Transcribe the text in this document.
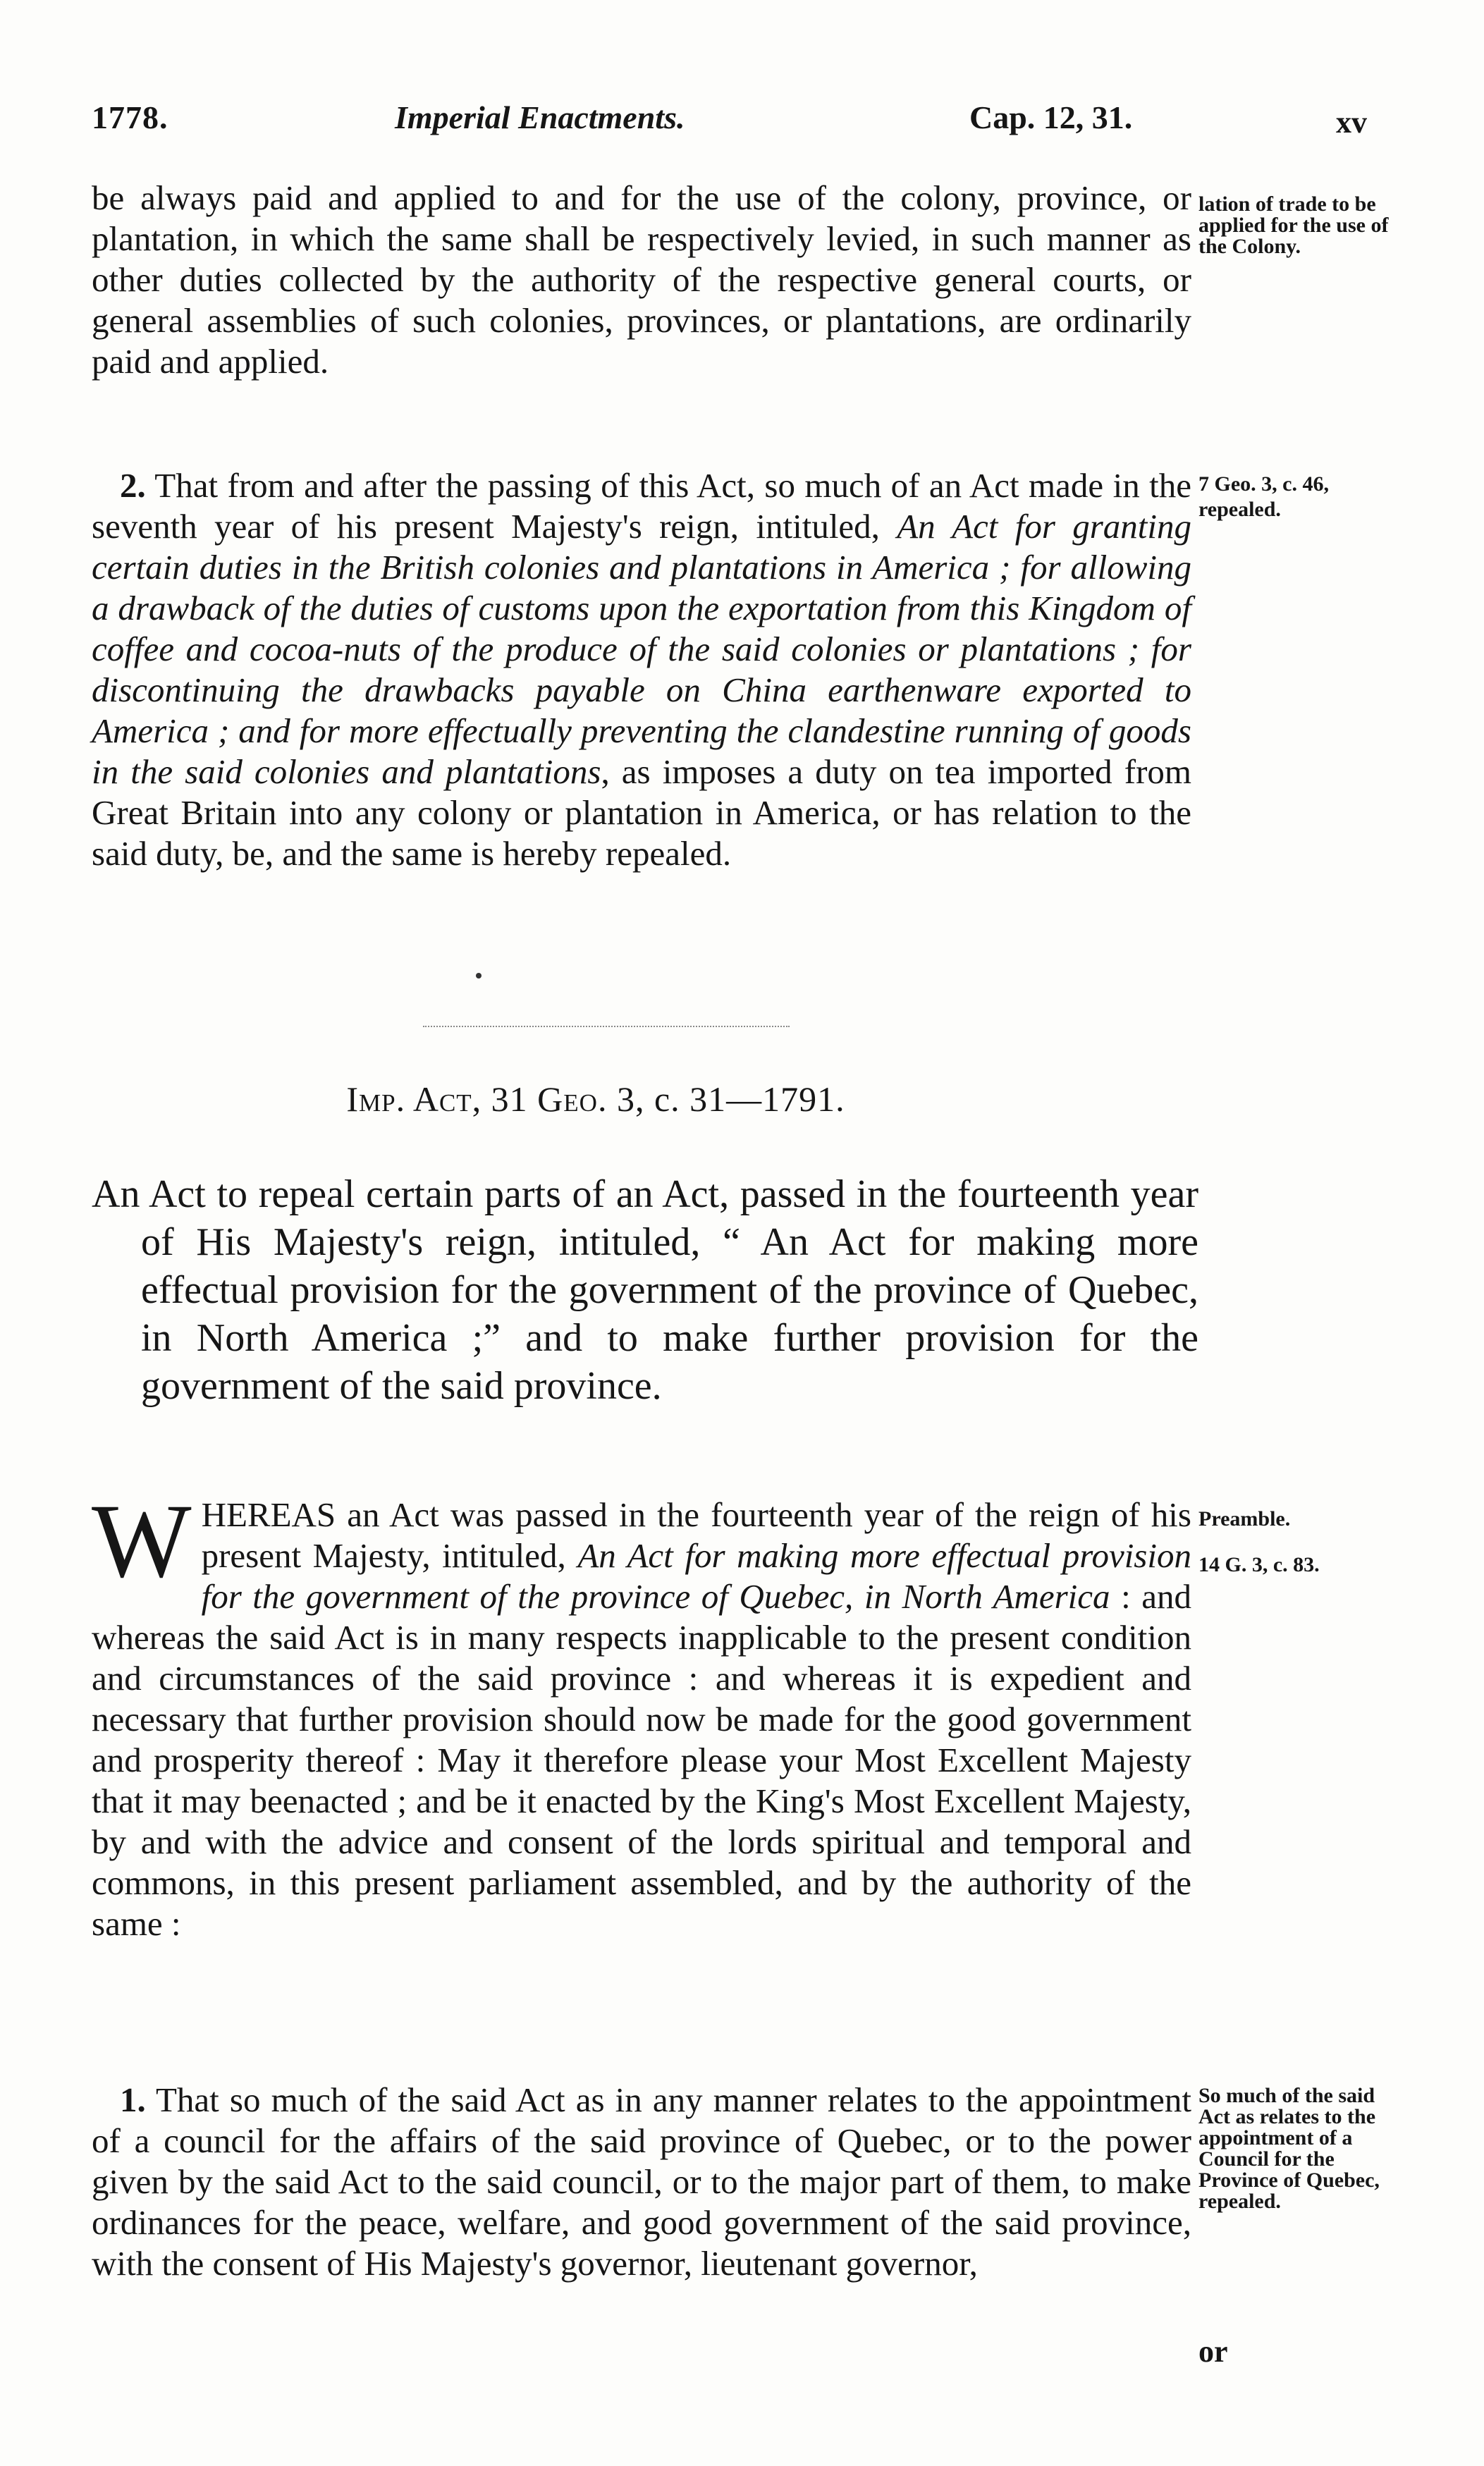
1778.	Imperial Enactments.	Cap. 12, 31.	xv

be always paid and applied to and for the use of the colony, province, or plantation, in which the same shall be respectively levied, in such manner as other duties collected by the authority of the respective general courts, or general assemblies of such colonies, provinces, or plantations, are ordinarily paid and applied.

2. That from and after the passing of this Act, so much of an Act made in the seventh year of his present Majesty's reign, intituled, An Act for granting certain duties in the British colonies and plantations in America ; for allowing a drawback of the duties of customs upon the exportation from this Kingdom of coffee and cocoa-nuts of the produce of the said colonies or plantations ; for discontinuing the drawbacks payable on China earthenware exported to America ; and for more effectually preventing the clandestine running of goods in the said colonies and plantations, as imposes a duty on tea imported from Great Britain into any colony or plantation in America, or has relation to the said duty, be, and the same is hereby repealed.

lation of trade to be applied for the use of the Colony.
7 Geo. 3, c. 46,
repealed.
Imp. Act, 31 Geo. 3, c. 31—1791.
An Act to repeal certain parts of an Act, passed in the fourteenth year of His Majesty's reign, intituled, “ An Act for making more effectual provision for the government of the province of Quebec, in North America ;” and to make further provision for the government of the said province.

WHEREAS an Act was passed in the fourteenth year of the reign of his present Majesty, intituled, An Act for making more effectual provision for the government of the province of Quebec, in North America : and whereas the said Act is in many respects inapplicable to the present condition and circumstances of the said province : and whereas it is expedient and necessary that further provision should now be made for the good government and prosperity thereof : May it therefore please your Most Excellent Majesty that it may beenacted ; and be it enacted by the King's Most Excellent Majesty, by and with the advice and consent of the lords spiritual and temporal and commons, in this present parliament assembled, and by the authority of the same :

Preamble.
14 G. 3, c. 83.

1. That so much of the said Act as in any manner relates to the appointment of a council for the affairs of the said province of Quebec, or to the power given by the said Act to the said council, or to the major part of them, to make ordinances for the peace, welfare, and good government of the said province, with the consent of His Majesty's governor, lieutenant governor,

So much of the said Act as relates to the appointment of a Council for the Province of Quebec, repealed.
or
